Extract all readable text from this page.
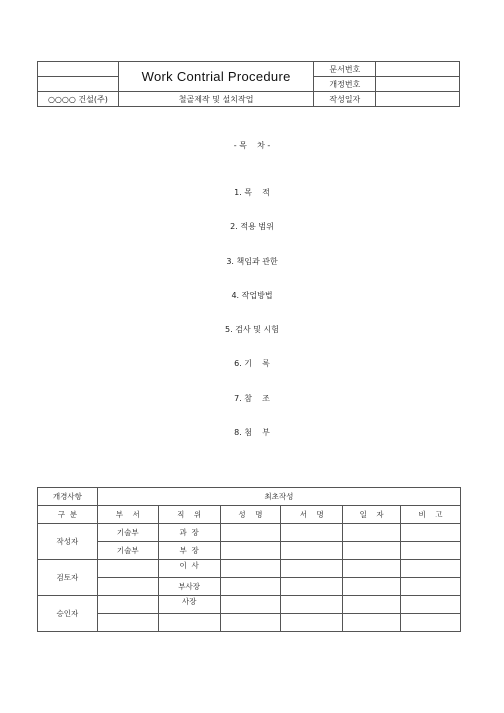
	Work Contrial Procedure	문서번호	
		개정번호	
○○○○ 건설(주)	철골제작 및 설치작업	작성일자	
- 목    차 -
1. 목    적
2. 적용 범위
3. 책임과 관한
4. 작업방법
5. 검사 및 시험
6. 기    록
7. 참    조
8. 첨    부
개경사항	최초작성					
구  분	부    서	직    위	성    명	서    명	일    자	비    고
작성자	기술부	과  장				
	기술부	부  장				
검토자		이  사				
		부사장				
승인자		사장				
